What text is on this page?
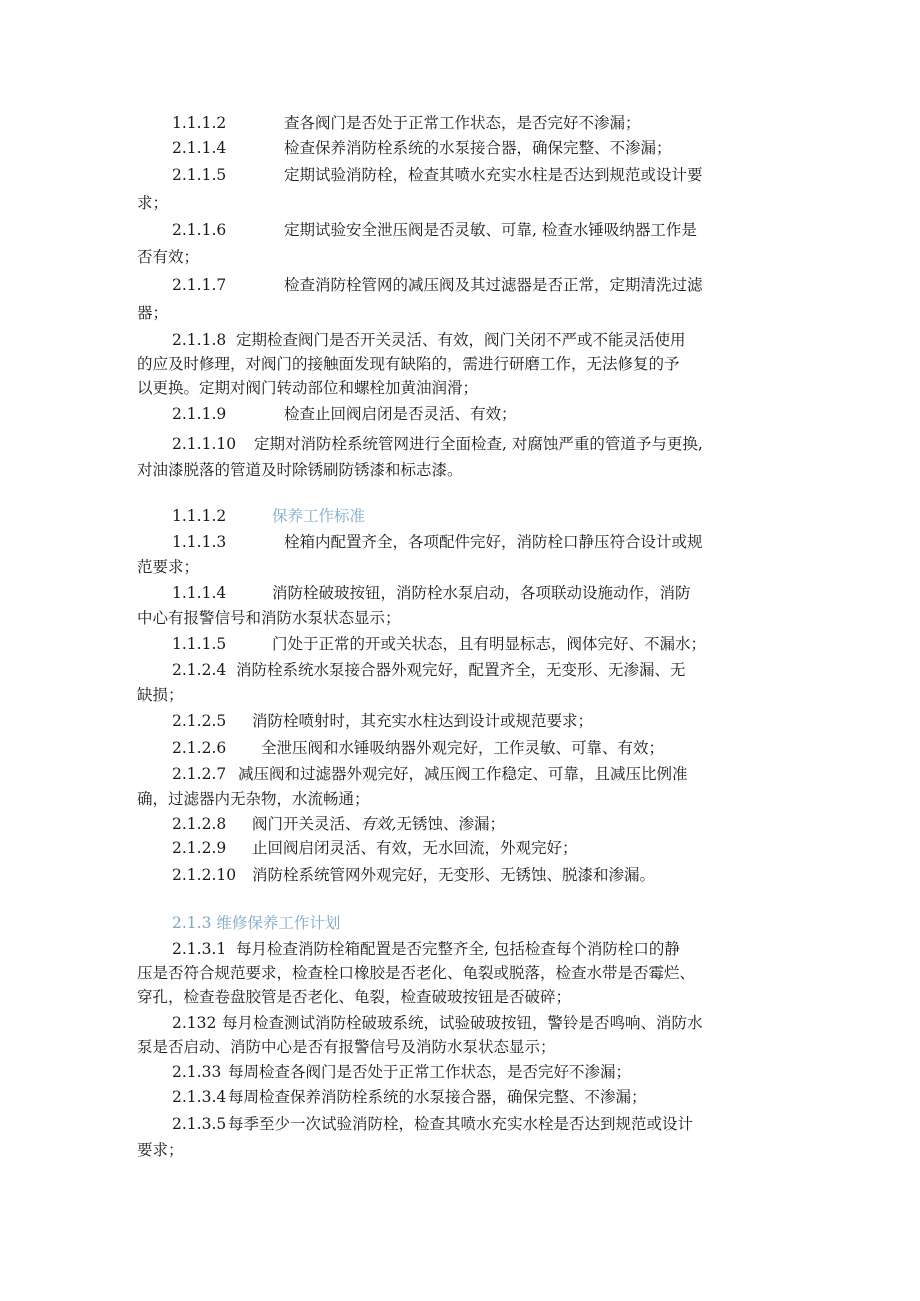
1.1.1.2	查各阀门是否处于正常工作状态，是否完好不渗漏；
2.1.1.4	检查保养消防栓系统的水泵接合器，确保完整、不渗漏；
2.1.1.5	定期试验消防栓，检查其喷水充实水柱是否达到规范或设计要
求；
2.1.1.6	定期试验安全泄压阀是否灵敏、可靠, 检查水锤吸纳器工作是
否有效；
2.1.1.7	检查消防栓管网的减压阀及其过滤器是否正常，定期清洗过滤
器；
2.1.1.8 定期检查阀门是否开关灵活、有效，阀门关闭不严或不能灵活使用
的应及时修理，对阀门的接触面发现有缺陷的，需进行研磨工作，无法修复的予
以更换。定期对阀门转动部位和螺栓加黄油润滑；
2.1.1.9	检查止回阀启闭是否灵活、有效；
2.1.1.10 定期对消防栓系统管网进行全面检查, 对腐蚀严重的管道予与更换,
对油漆脱落的管道及时除锈刷防锈漆和标志漆。
1.1.1.2	保养工作标准
1.1.1.3	栓箱内配置齐全，各项配件完好，消防栓口静压符合设计或规
范要求；
1.1.1.4	消防栓破玻按钮，消防栓水泵启动，各项联动设施动作，消防
中心有报警信号和消防水泵状态显示；
1.1.1.5	门处于正常的开或关状态，且有明显标志，阀体完好、不漏水；
2.1.2.4 消防栓系统水泵接合器外观完好，配置齐全，无变形、无渗漏、无
缺损；
2.1.2.5 消防栓喷射时，其充实水柱达到设计或规范要求；
2.1.2.6 全泄压阀和水锤吸纳器外观完好，工作灵敏、可靠、有效；
2.1.2.7 减压阀和过滤器外观完好，减压阀工作稳定、可靠，且减压比例准
确，过滤器内无杂物，水流畅通；
2.1.2.8 阀门开关灵活、有效,无锈蚀、渗漏；
2.1.2.9 止回阀启闭灵活、有效，无水回流，外观完好；
2.1.2.10 消防栓系统管网外观完好，无变形、无锈蚀、脱漆和渗漏。
2.1.3 维修保养工作计划
2.1.3.1 每月检查消防栓箱配置是否完整齐全, 包括检查每个消防栓口的静
压是否符合规范要求，检查栓口橡胶是否老化、龟裂或脱落，检查水带是否霉烂、
穿孔，检查卷盘胶管是否老化、龟裂，检查破玻按钮是否破碎；
2.132 每月检查测试消防栓破玻系统，试验破玻按钮，警铃是否鸣响、消防水
泵是否启动、消防中心是否有报警信号及消防水泵状态显示；
2.1.33 每周检查各阀门是否处于正常工作状态，是否完好不渗漏；
2.1.3.4 每周检查保养消防栓系统的水泵接合器，确保完整、不渗漏；
2.1.3.5 每季至少一次试验消防栓，检查其喷水充实水栓是否达到规范或设计
要求；
